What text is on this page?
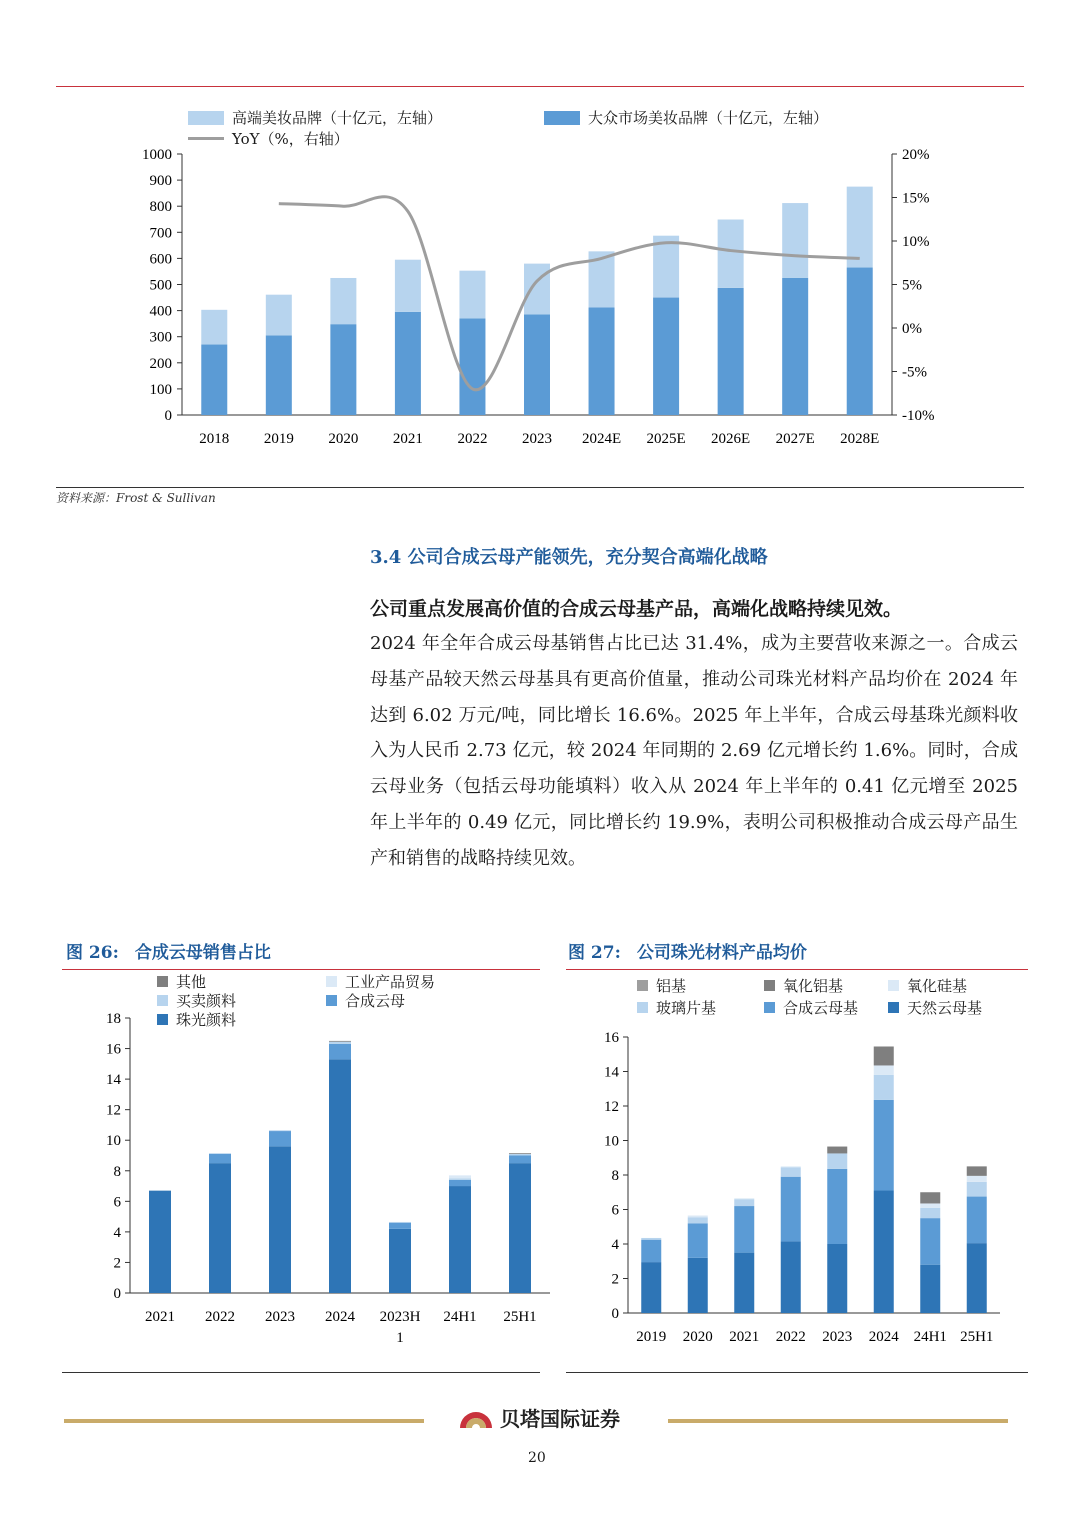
高端美妆品牌（十亿元，左轴）	大众市场美妆品牌（十亿元，左轴）
YoY（%，右轴）
0
100
200
300
400
500
600
700
800
900
1000
-10%
-5%
0%
5%
10%
15%
20%
2018 2019 2020 2021 2022 2023 2024E 2025E 2026E 2027E 2028E
资料来源：Frost & Sullivan
3.4 公司合成云母产能领先，充分契合高端化战略
公司重点发展高价值的合成云母基产品，高端化战略持续见效。
2024 年全年合成云母基销售占比已达 31.4%，成为主要营收来源之一。合成云母基产品较天然云母基具有更高价值量，推动公司珠光材料产品均价在 2024 年达到 6.02 万元/吨，同比增长 16.6%。2025 年上半年，合成云母基珠光颜料收入为人民币 2.73 亿元，较 2024 年同期的 2.69 亿元增长约 1.6%。同时，合成云母业务（包括云母功能填料）收入从 2024 年上半年的 0.41 亿元增至 2025 年上半年的 0.49 亿元，同比增长约 19.9%，表明公司积极推动合成云母产品生产和销售的战略持续见效。
图 26: 合成云母销售占比
其他	工业产品贸易
买卖颜料	合成云母
珠光颜料
0
2
4
6
8
10
12
14
16
18
2021 2022 2023 2024 2023H
1
24H1 25H1
图 27: 公司珠光材料产品均价
铝基	氧化铝基	氧化硅基
玻璃片基	合成云母基	天然云母基
0
2
4
6
8
10
12
14
16
2019 2020 2021 2022 2023 2024 24H1 25H1
贝塔国际证券
20
